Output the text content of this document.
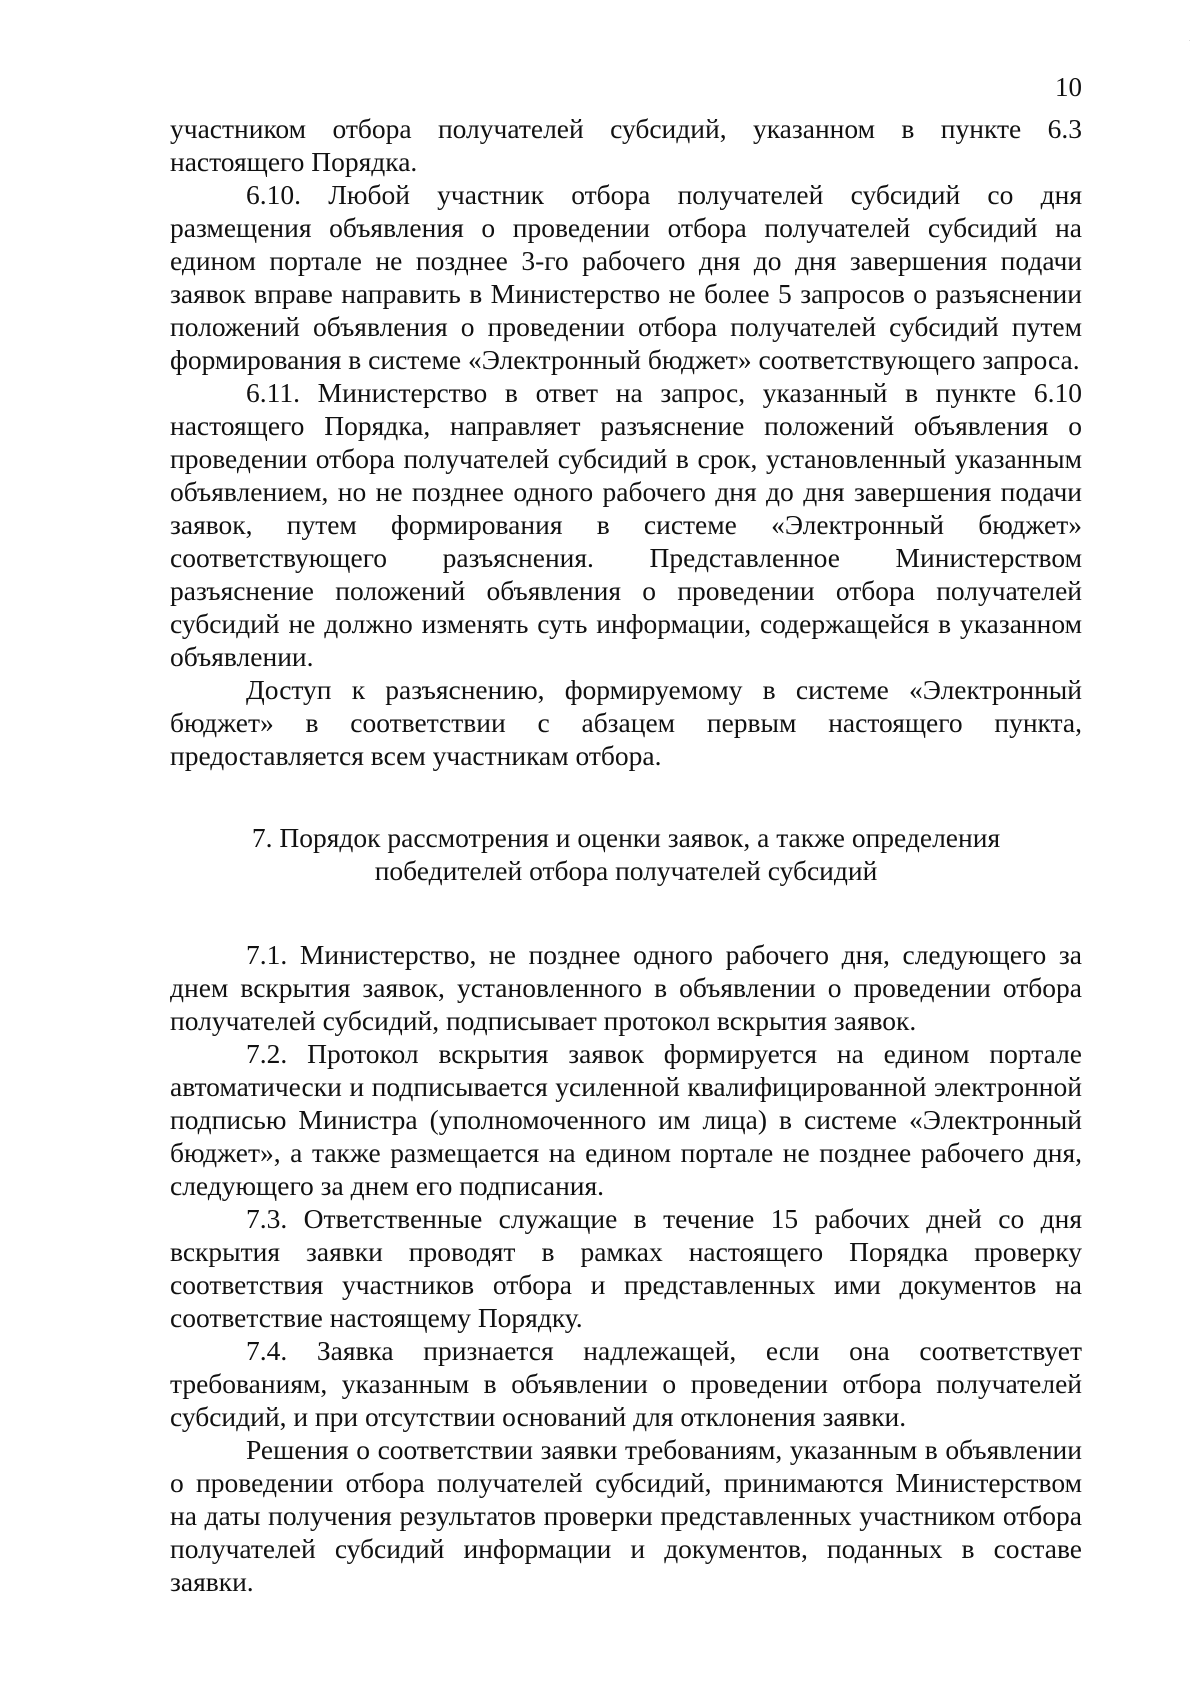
10

участником отбора получателей субсидий, указанном в пункте 6.3 настоящего Порядка.

6.10. Любой участник отбора получателей субсидий со дня размещения объявления о проведении отбора получателей субсидий на едином портале не позднее 3-го рабочего дня до дня завершения подачи заявок вправе направить в Министерство не более 5 запросов о разъяснении положений объявления о проведении отбора получателей субсидий путем формирования в системе «Электронный бюджет» соответствующего запроса.

6.11. Министерство в ответ на запрос, указанный в пункте 6.10 настоящего Порядка, направляет разъяснение положений объявления о проведении отбора получателей субсидий в срок, установленный указанным объявлением, но не позднее одного рабочего дня до дня завершения подачи заявок, путем формирования в системе «Электронный бюджет» соответствующего разъяснения. Представленное Министерством разъяснение положений объявления о проведении отбора получателей субсидий не должно изменять суть информации, содержащейся в указанном объявлении.

Доступ к разъяснению, формируемому в системе «Электронный бюджет» в соответствии с абзацем первым настоящего пункта, предоставляется всем участникам отбора.

7. Порядок рассмотрения и оценки заявок, а также определения
победителей отбора получателей субсидий

7.1. Министерство, не позднее одного рабочего дня, следующего за днем вскрытия заявок, установленного в объявлении о проведении отбора получателей субсидий, подписывает протокол вскрытия заявок.

7.2. Протокол вскрытия заявок формируется на едином портале автоматически и подписывается усиленной квалифицированной электронной подписью Министра (уполномоченного им лица) в системе «Электронный бюджет», а также размещается на едином портале не позднее рабочего дня, следующего за днем его подписания.

7.3. Ответственные служащие в течение 15 рабочих дней со дня вскрытия заявки проводят в рамках настоящего Порядка проверку соответствия участников отбора и представленных ими документов на соответствие настоящему Порядку.

7.4. Заявка признается надлежащей, если она соответствует требованиям, указанным в объявлении о проведении отбора получателей субсидий, и при отсутствии оснований для отклонения заявки.

Решения о соответствии заявки требованиям, указанным в объявлении о проведении отбора получателей субсидий, принимаются Министерством на даты получения результатов проверки представленных участником отбора получателей субсидий информации и документов, поданных в составе заявки.
